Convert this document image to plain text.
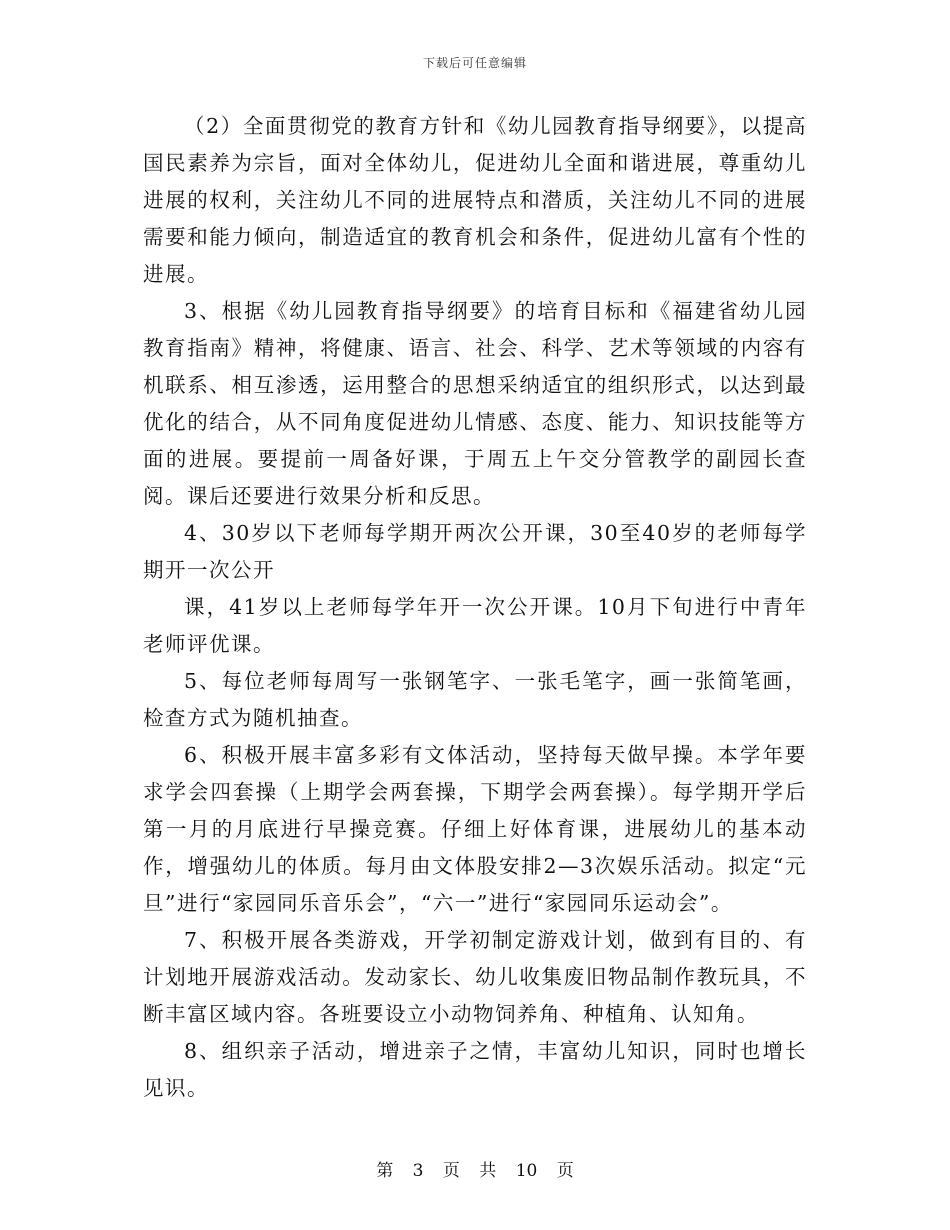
下载后可任意编辑

（2）全面贯彻党的教育方针和《幼儿园教育指导纲要》，以提高国民素养为宗旨，面对全体幼儿，促进幼儿全面和谐进展，尊重幼儿进展的权利，关注幼儿不同的进展特点和潜质，关注幼儿不同的进展需要和能力倾向，制造适宜的教育机会和条件，促进幼儿富有个性的进展。

3、根据《幼儿园教育指导纲要》的培育目标和《福建省幼儿园教育指南》精神，将健康、语言、社会、科学、艺术等领域的内容有机联系、相互渗透，运用整合的思想采纳适宜的组织形式，以达到最优化的结合，从不同角度促进幼儿情感、态度、能力、知识技能等方面的进展。要提前一周备好课，于周五上午交分管教学的副园长查阅。课后还要进行效果分析和反思。

4、30岁以下老师每学期开两次公开课，30至40岁的老师每学期开一次公开

课，41岁以上老师每学年开一次公开课。10月下旬进行中青年老师评优课。

5、每位老师每周写一张钢笔字、一张毛笔字，画一张简笔画，检查方式为随机抽查。

6、积极开展丰富多彩有文体活动，坚持每天做早操。本学年要求学会四套操（上期学会两套操，下期学会两套操）。每学期开学后第一月的月底进行早操竞赛。仔细上好体育课，进展幼儿的基本动作，增强幼儿的体质。每月由文体股安排2—3次娱乐活动。拟定“元旦”进行“家园同乐音乐会”，“六一”进行“家园同乐运动会”。

7、积极开展各类游戏，开学初制定游戏计划，做到有目的、有计划地开展游戏活动。发动家长、幼儿收集废旧物品制作教玩具，不断丰富区域内容。各班要设立小动物饲养角、种植角、认知角。

8、组织亲子活动，增进亲子之情，丰富幼儿知识，同时也增长见识。

第 3 页 共 10 页
